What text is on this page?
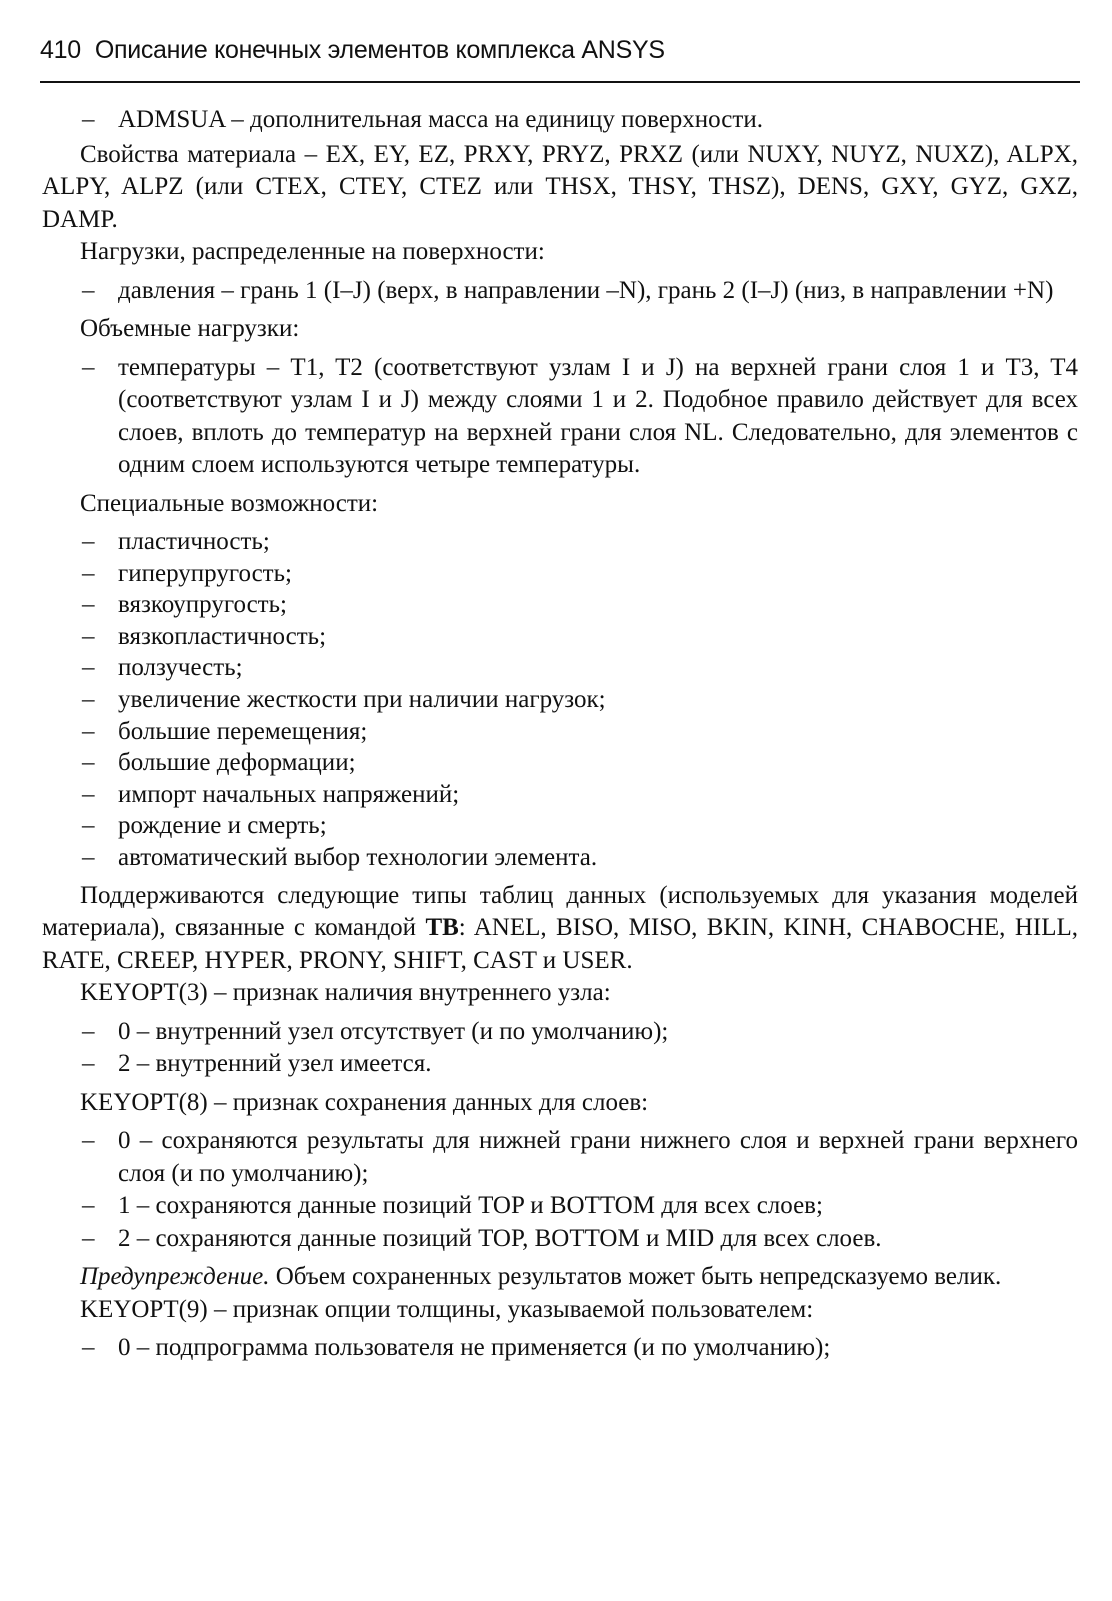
410 Описание конечных элементов комплекса ANSYS
– ADMSUA – дополнительная масса на единицу поверхности.

Свойства материала – EX, EY, EZ, PRXY, PRYZ, PRXZ (или NUXY, NUYZ, NUXZ), ALPX, ALPY, ALPZ (или CTEX, CTEY, CTEZ или THSX, THSY, THSZ), DENS, GXY, GYZ, GXZ, DAMP.

Нагрузки, распределенные на поверхности:

– давления – грань 1 (I–J) (верх, в направлении –N), грань 2 (I–J) (низ, в направлении +N)

Объемные нагрузки:

– температуры – T1, T2 (соответствуют узлам I и J) на верхней грани слоя 1 и T3, T4 (соответствуют узлам I и J) между слоями 1 и 2. Подобное правило действует для всех слоев, вплоть до температур на верхней грани слоя NL. Следовательно, для элементов с одним слоем используются четыре температуры.

Специальные возможности:

– пластичность;
– гиперупругость;
– вязкоупругость;
– вязкопластичность;
– ползучесть;
– увеличение жесткости при наличии нагрузок;
– большие перемещения;
– большие деформации;
– импорт начальных напряжений;
– рождение и смерть;
– автоматический выбор технологии элемента.

Поддерживаются следующие типы таблиц данных (используемых для указания моделей материала), связанные с командой TB: ANEL, BISO, MISO, BKIN, KINH, CHABOCHE, HILL, RATE, CREEP, HYPER, PRONY, SHIFT, CAST и USER.

KEYOPT(3) – признак наличия внутреннего узла:

– 0 – внутренний узел отсутствует (и по умолчанию);
– 2 – внутренний узел имеется.

KEYOPT(8) – признак сохранения данных для слоев:

– 0 – сохраняются результаты для нижней грани нижнего слоя и верхней грани верхнего слоя (и по умолчанию);
– 1 – сохраняются данные позиций TOP и BOTTOM для всех слоев;
– 2 – сохраняются данные позиций TOP, BOTTOM и MID для всех слоев.

Предупреждение. Объем сохраненных результатов может быть непредсказуемо велик.

KEYOPT(9) – признак опции толщины, указываемой пользователем:

– 0 – подпрограмма пользователя не применяется (и по умолчанию);
